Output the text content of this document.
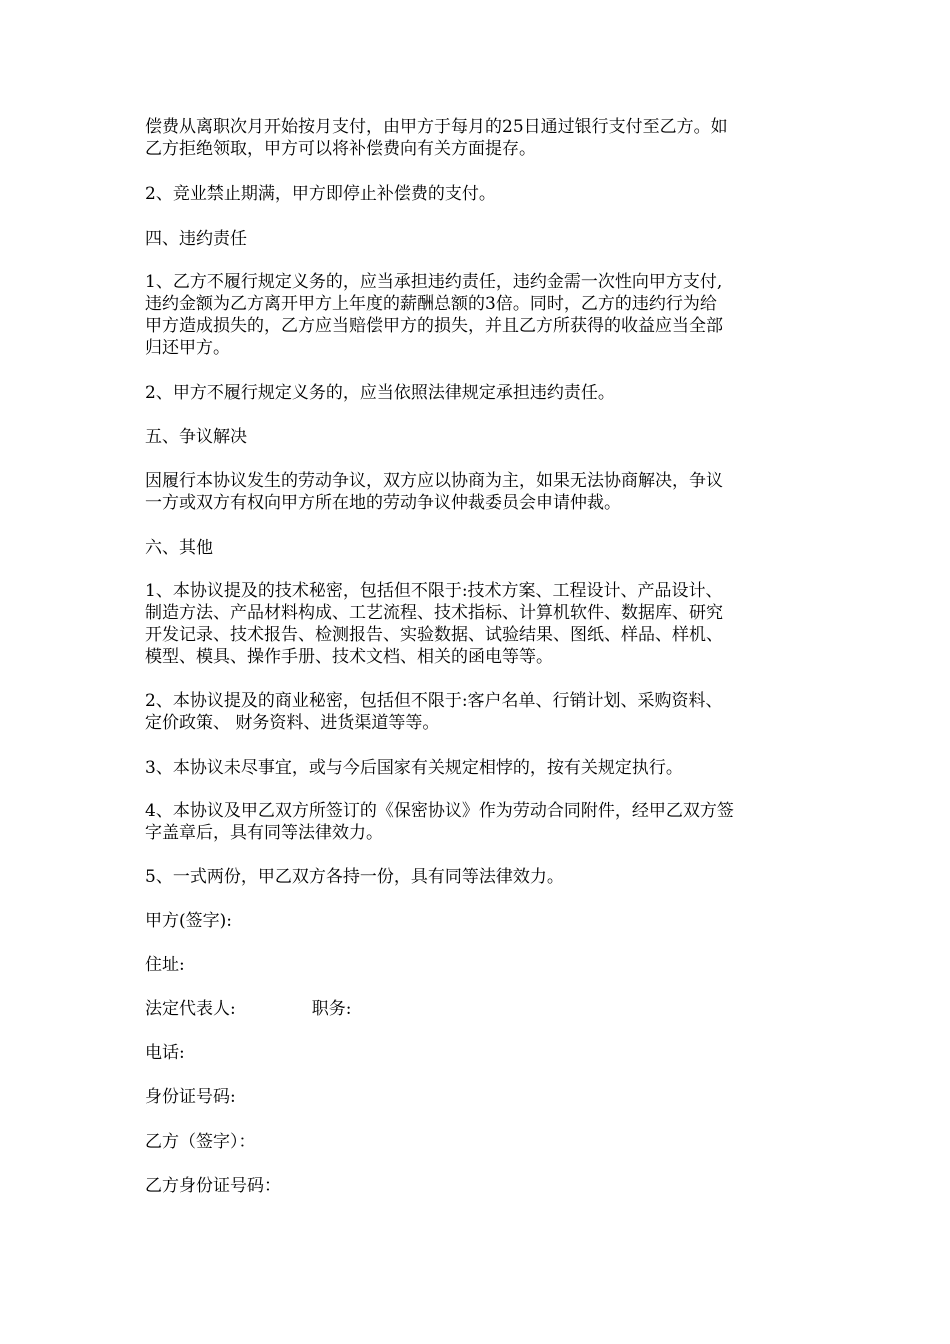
偿费从离职次月开始按月支付，由甲方于每月的25日通过银行支付至乙方。如
乙方拒绝领取，甲方可以将补偿费向有关方面提存。
2、竞业禁止期满，甲方即停止补偿费的支付。
四、违约责任
1、乙方不履行规定义务的，应当承担违约责任，违约金需一次性向甲方支付,
违约金额为乙方离开甲方上年度的薪酬总额的3倍。同时，乙方的违约行为给
甲方造成损失的，乙方应当赔偿甲方的损失，并且乙方所获得的收益应当全部
归还甲方。
2、甲方不履行规定义务的，应当依照法律规定承担违约责任。
五、争议解决
因履行本协议发生的劳动争议，双方应以协商为主，如果无法协商解决，争议
一方或双方有权向甲方所在地的劳动争议仲裁委员会申请仲裁。
六、其他
1、本协议提及的技术秘密，包括但不限于:技术方案、工程设计、产品设计、
制造方法、产品材料构成、工艺流程、技术指标、计算机软件、数据库、研究
开发记录、技术报告、检测报告、实验数据、试验结果、图纸、样品、样机、
模型、模具、操作手册、技术文档、相关的函电等等。
2、本协议提及的商业秘密，包括但不限于:客户名单、行销计划、采购资料、
定价政策、 财务资料、进货渠道等等。
3、本协议未尽事宜，或与今后国家有关规定相悖的，按有关规定执行。
4、本协议及甲乙双方所签订的《保密协议》作为劳动合同附件，经甲乙双方签
字盖章后，具有同等法律效力。
5、一式两份，甲乙双方各持一份，具有同等法律效力。
甲方(签字):
住址:
法定代表人:	职务:
电话:
身份证号码:
乙方（签字）：
乙方身份证号码：
